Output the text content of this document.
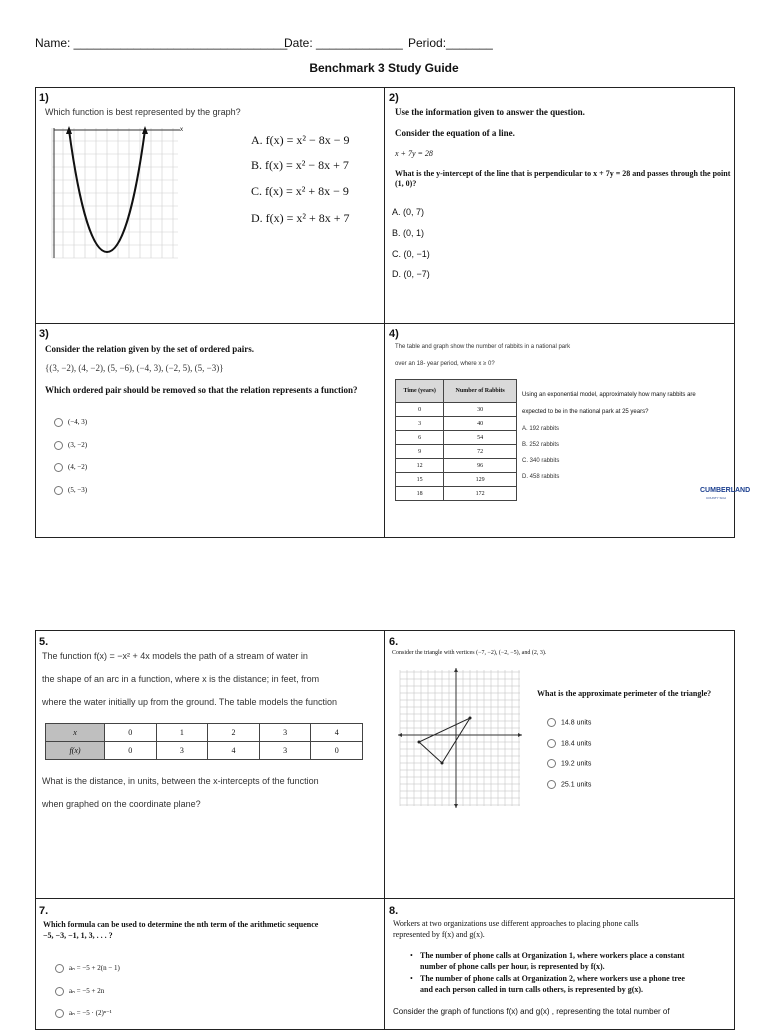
Name: ________________________________
Date: _____________ Period:_______
Benchmark 3 Study Guide
1)
Which function is best represented by the graph?
x
A. f(x) = x² − 8x − 9
B. f(x) = x² − 8x + 7
C. f(x) = x² + 8x − 9
D. f(x) = x² + 8x + 7
2)
Use the information given to answer the question.
Consider the equation of a line.
x + 7y = 28
What is the y-intercept of the line that is perpendicular to x + 7y = 28 and passes through the point (1, 0)?
A. (0, 7)
B. (0, 1)
C. (0, −1)
D. (0, −7)
3)
Consider the relation given by the set of ordered pairs.
{(3, −2), (4, −2), (5, −6), (−4, 3), (−2, 5), (5, −3)}
Which ordered pair should be removed so that the relation represents a function?
(−4, 3)
(3, −2)
(4, −2)
(5, −3)
4)
The table and graph show the number of rabbits in a national park
over an 18- year period, where x ≥ 0?
Time (years)	Number of Rabbits
0	30
3	40
6	54
9	72
12	96
15	129
18	172
Using an exponential model, approximately how many rabbits are
expected to be in the national park at 25 years?
A. 192 rabbits
B. 252 rabbits
C. 340 rabbits
D. 458 rabbits
CUMBERLAND
COUNTY SCH
5.
The function f(x) = −x² + 4x models the path of a stream of water in
the shape of an arc in a function, where x is the distance; in feet, from
where the water initially up from the ground. The table models the function
x	0	1	2	3	4
f(x)	0	3	4	3	0
What is the distance, in units, between the x-intercepts of the function
when graphed on the coordinate plane?
6.
Consider the triangle with vertices (−7, −2), (−2, −5), and (2, 3).
What is the approximate perimeter of the triangle?
14.8 units
18.4 units
19.2 units
25.1 units
7.
Which formula can be used to determine the nth term of the arithmetic sequence
−5, −3, −1, 1, 3, . . . ?
aₙ = −5 + 2(n − 1)
aₙ = −5 + 2n
aₙ = −5 · (2)ⁿ⁻¹
8.
Workers at two organizations use different approaches to placing phone calls
represented by f(x) and g(x).
• The number of phone calls at Organization 1, where workers place a constant
number of phone calls per hour, is represented by f(x).
• The number of phone calls at Organization 2, where workers use a phone tree
and each person called in turn calls others, is represented by g(x).
Consider the graph of functions f(x) and g(x) , representing the total number of
